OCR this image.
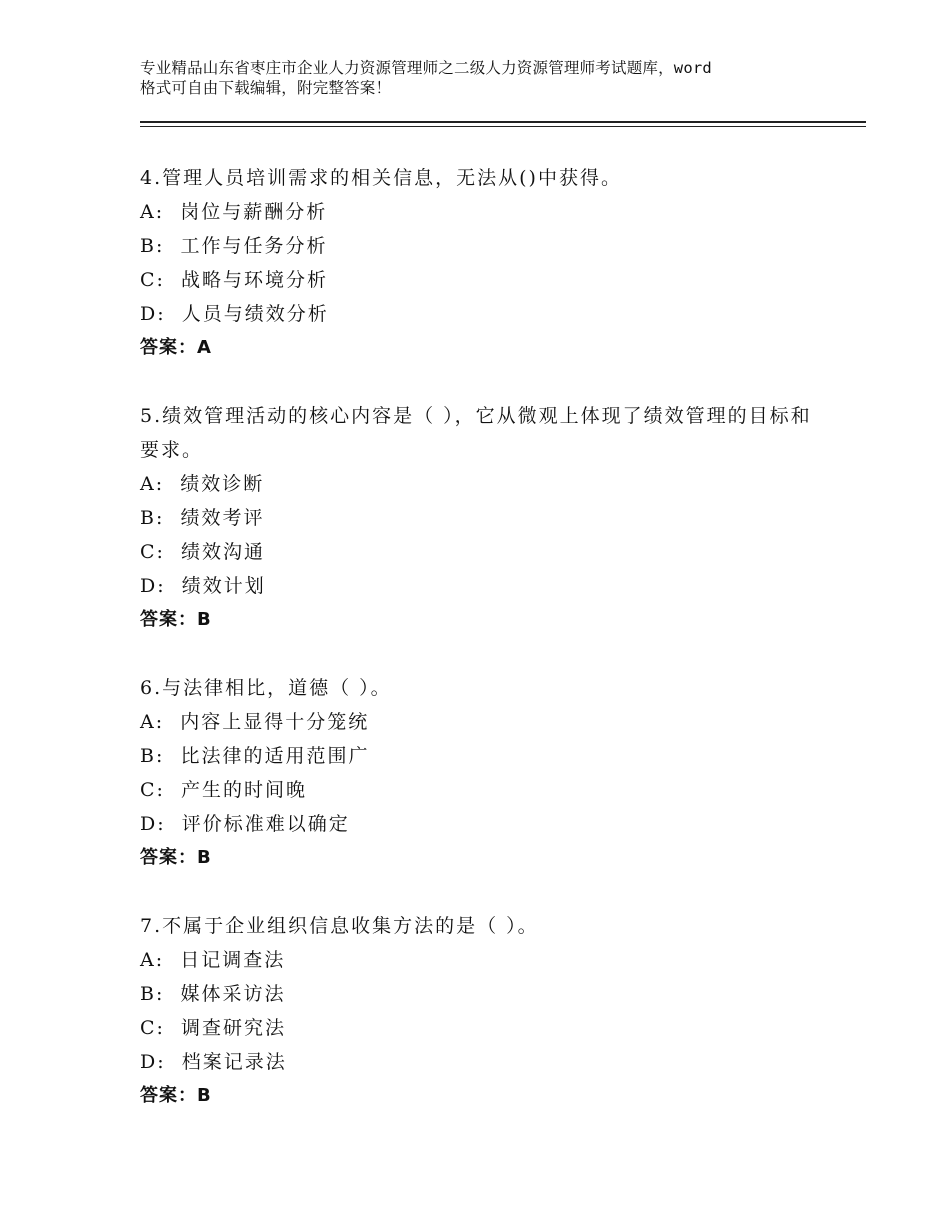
专业精品山东省枣庄市企业人力资源管理师之二级人力资源管理师考试题库，word
格式可自由下载编辑，附完整答案！
4.管理人员培训需求的相关信息，无法从()中获得。
A:  岗位与薪酬分析
B:  工作与任务分析
C:  战略与环境分析
D:  人员与绩效分析
答案：A
5.绩效管理活动的核心内容是（ ），它从微观上体现了绩效管理的目标和要求。
A:  绩效诊断
B:  绩效考评
C:  绩效沟通
D:  绩效计划
答案：B
6.与法律相比，道德（ ）。
A:  内容上显得十分笼统
B:  比法律的适用范围广
C:  产生的时间晚
D:  评价标准难以确定
答案：B
7.不属于企业组织信息收集方法的是（ ）。
A:  日记调查法
B:  媒体采访法
C:  调查研究法
D:  档案记录法
答案：B
